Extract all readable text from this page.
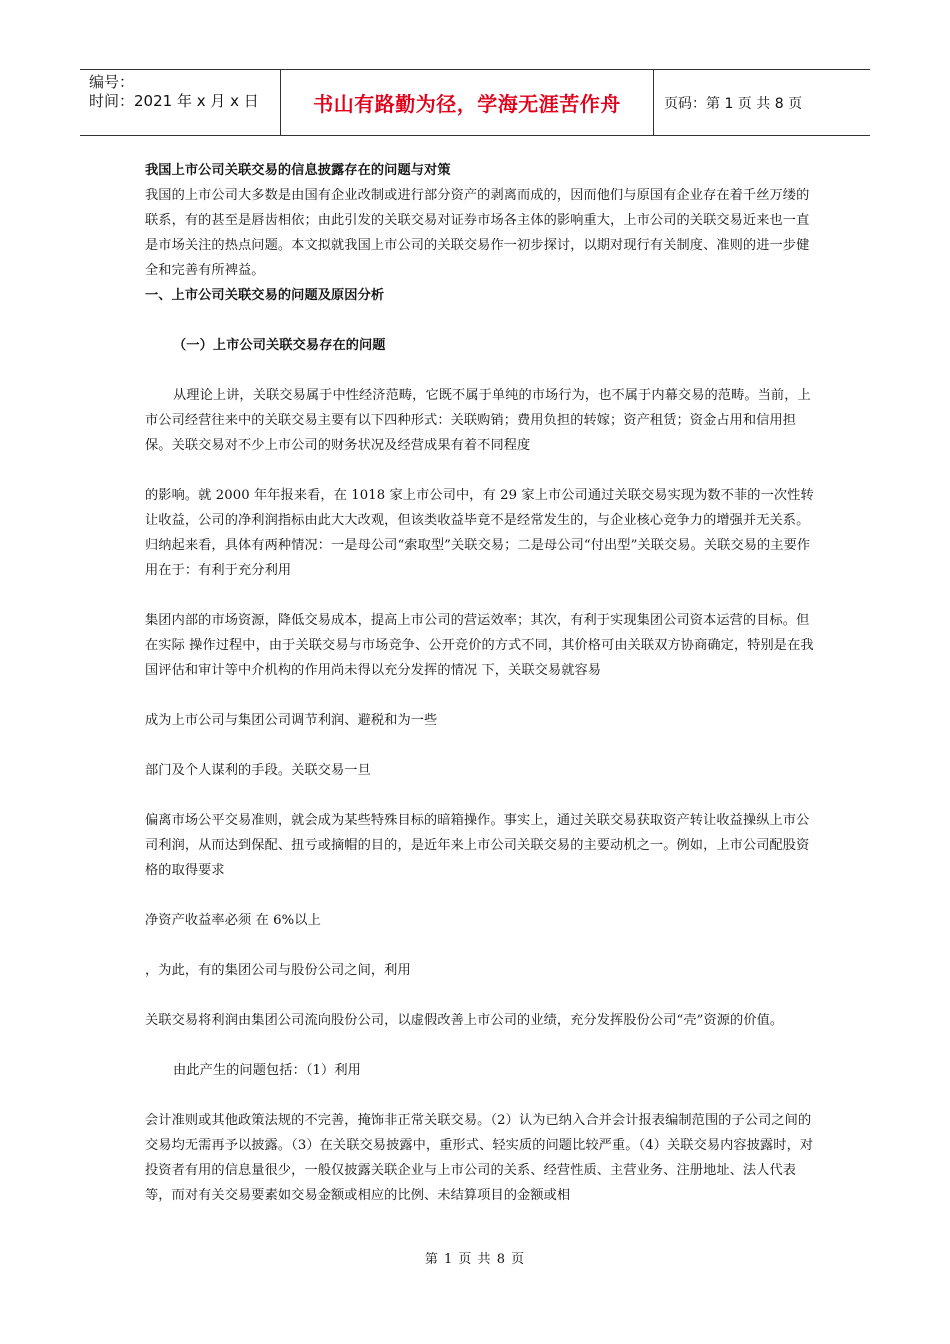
编号：
时间：2021 年 x 月 x 日	书山有路勤为径，学海无涯苦作舟	页码：第 1 页 共 8 页

我国上市公司关联交易的信息披露存在的问题与对策

我国的上市公司大多数是由国有企业改制或进行部分资产的剥离而成的，因而他们与原国有企业存在着千丝万缕的联系，有的甚至是唇齿相依；由此引发的关联交易对证券市场各主体的影响重大，上市公司的关联交易近来也一直是市场关注的热点问题。本文拟就我国上市公司的关联交易作一初步探讨，以期对现行有关制度、准则的进一步健全和完善有所裨益。

一、上市公司关联交易的问题及原因分析

（一）上市公司关联交易存在的问题

从理论上讲，关联交易属于中性经济范畴，它既不属于单纯的市场行为，也不属于内幕交易的范畴。当前，上市公司经营往来中的关联交易主要有以下四种形式：关联购销；费用负担的转嫁；资产租赁；资金占用和信用担保。关联交易对不少上市公司的财务状况及经营成果有着不同程度

的影响。就 2000 年年报来看，在 1018 家上市公司中，有 29 家上市公司通过关联交易实现为数不菲的一次性转让收益，公司的净利润指标由此大大改观，但该类收益毕竟不是经常发生的，与企业核心竞争力的增强并无关系。归纳起来看，具体有两种情况：一是母公司“索取型”关联交易；二是母公司“付出型”关联交易。关联交易的主要作用在于：有利于充分利用

集团内部的市场资源，降低交易成本，提高上市公司的营运效率；其次，有利于实现集团公司资本运营的目标。但在实际 操作过程中，由于关联交易与市场竞争、公开竞价的方式不同，其价格可由关联双方协商确定，特别是在我国评估和审计等中介机构的作用尚未得以充分发挥的情况 下，关联交易就容易

成为上市公司与集团公司调节利润、避税和为一些

部门及个人谋利的手段。关联交易一旦

偏离市场公平交易准则，就会成为某些特殊目标的暗箱操作。事实上，通过关联交易获取资产转让收益操纵上市公司利润，从而达到保配、扭亏或摘帽的目的，是近年来上市公司关联交易的主要动机之一。例如，上市公司配股资格的取得要求

净资产收益率必须 在 6%以上

，为此，有的集团公司与股份公司之间，利用

关联交易将利润由集团公司流向股份公司，以虚假改善上市公司的业绩，充分发挥股份公司“壳”资源的价值。

由此产生的问题包括：（1）利用

会计准则或其他政策法规的不完善，掩饰非正常关联交易。（2）认为已纳入合并会计报表编制范围的子公司之间的交易均无需再予以披露。（3）在关联交易披露中，重形式、轻实质的问题比较严重。（4）关联交易内容披露时，对投资者有用的信息量很少，一般仅披露关联企业与上市公司的关系、经营性质、主营业务、注册地址、法人代表等，而对有关交易要素如交易金额或相应的比例、未结算项目的金额或相

第 1 页 共 8 页
